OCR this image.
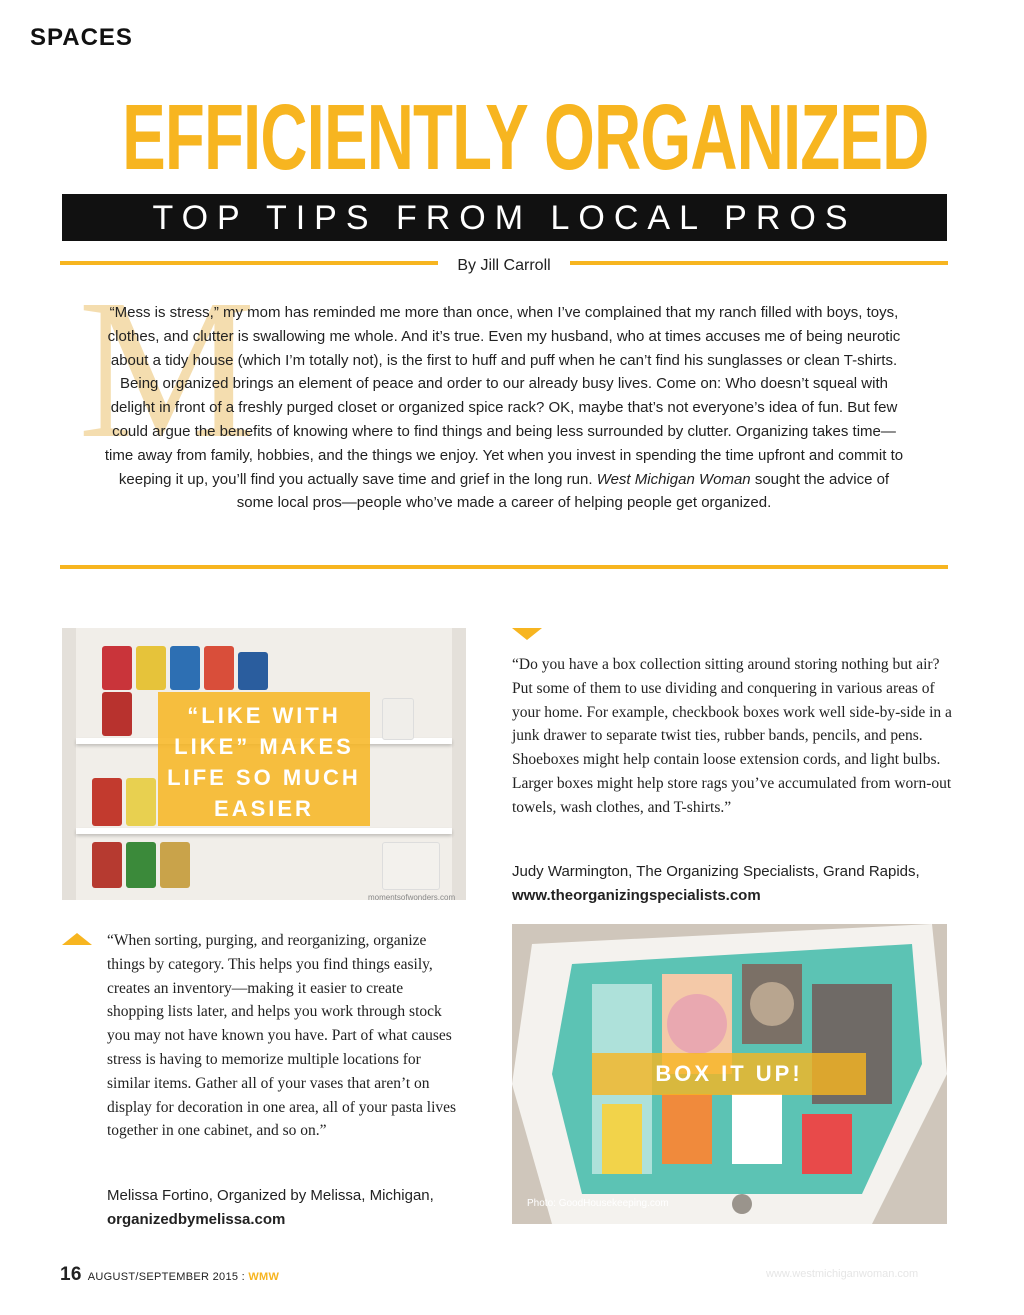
SPACES
EFFICIENTLY ORGANIZED
TOP TIPS FROM LOCAL PROS
By Jill Carroll
M
“Mess is stress,” my mom has reminded me more than once, when I’ve complained that my ranch filled with boys, toys, clothes, and clutter is swallowing me whole. And it’s true. Even my husband, who at times accuses me of being neurotic about a tidy house (which I’m totally not), is the first to huff and puff when he can’t find his sunglasses or clean T-shirts. Being organized brings an element of peace and order to our already busy lives. Come on: Who doesn’t squeal with delight in front of a freshly purged closet or organized spice rack? OK, maybe that’s not everyone’s idea of fun. But few could argue the benefits of knowing where to find things and being less surrounded by clutter. Organizing takes time—time away from family, hobbies, and the things we enjoy. Yet when you invest in spending the time upfront and commit to keeping it up, you’ll find you actually save time and grief in the long run. West Michigan Woman sought the advice of some local pros—people who’ve made a career of helping people get organized.
“LIKE WITH LIKE” MAKES LIFE SO MUCH EASIER
momentsofwonders.com
“Do you have a box collection sitting around storing nothing but air? Put some of them to use dividing and conquering in various areas of your home. For example, checkbook boxes work well side-by-side in a junk drawer to separate twist ties, rubber bands, pencils, and pens. Shoeboxes might help contain loose extension cords, and light bulbs. Larger boxes might help store rags you’ve accumulated from worn-out towels, wash clothes, and T-shirts.”
Judy Warmington, The Organizing Specialists, Grand Rapids,
www.theorganizingspecialists.com
“When sorting, purging, and reorganizing, organize things by category. This helps you find things easily, creates an inventory—making it easier to create shopping lists later, and helps you work through stock you may not have known you have. Part of what causes stress is having to memorize multiple locations for similar items. Gather all of your vases that aren’t on display for decoration in one area, all of your pasta lives together in one cabinet, and so on.”
Melissa Fortino, Organized by Melissa, Michigan,
organizedbymelissa.com
BOX IT UP!
Photo: GoodHousekeeping.com
16 AUGUST/SEPTEMBER 2015 : WMW	www.westmichiganwoman.com
